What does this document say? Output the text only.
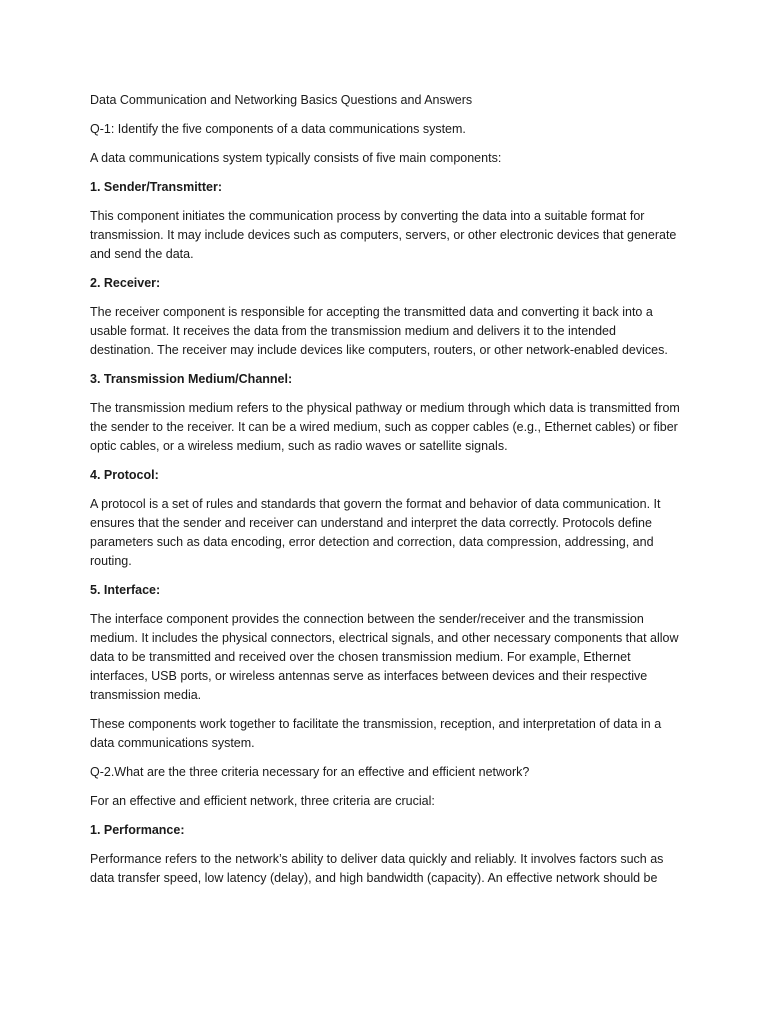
Data Communication and Networking Basics Questions and Answers

Q-1: Identify the five components of a data communications system.

A data communications system typically consists of five main components:

1. Sender/Transmitter:

This component initiates the communication process by converting the data into a suitable format for transmission. It may include devices such as computers, servers, or other electronic devices that generate and send the data.

2. Receiver:

The receiver component is responsible for accepting the transmitted data and converting it back into a usable format. It receives the data from the transmission medium and delivers it to the intended destination. The receiver may include devices like computers, routers, or other network-enabled devices.

3. Transmission Medium/Channel:

The transmission medium refers to the physical pathway or medium through which data is transmitted from the sender to the receiver. It can be a wired medium, such as copper cables (e.g., Ethernet cables) or fiber optic cables, or a wireless medium, such as radio waves or satellite signals.

4. Protocol:

A protocol is a set of rules and standards that govern the format and behavior of data communication. It ensures that the sender and receiver can understand and interpret the data correctly. Protocols define parameters such as data encoding, error detection and correction, data compression, addressing, and routing.

5. Interface:

The interface component provides the connection between the sender/receiver and the transmission medium. It includes the physical connectors, electrical signals, and other necessary components that allow data to be transmitted and received over the chosen transmission medium. For example, Ethernet interfaces, USB ports, or wireless antennas serve as interfaces between devices and their respective transmission media.

These components work together to facilitate the transmission, reception, and interpretation of data in a data communications system.

Q-2.What are the three criteria necessary for an effective and efficient network?

For an effective and efficient network, three criteria are crucial:

1. Performance:

Performance refers to the network’s ability to deliver data quickly and reliably. It involves factors such as data transfer speed, low latency (delay), and high bandwidth (capacity). An effective network should be
